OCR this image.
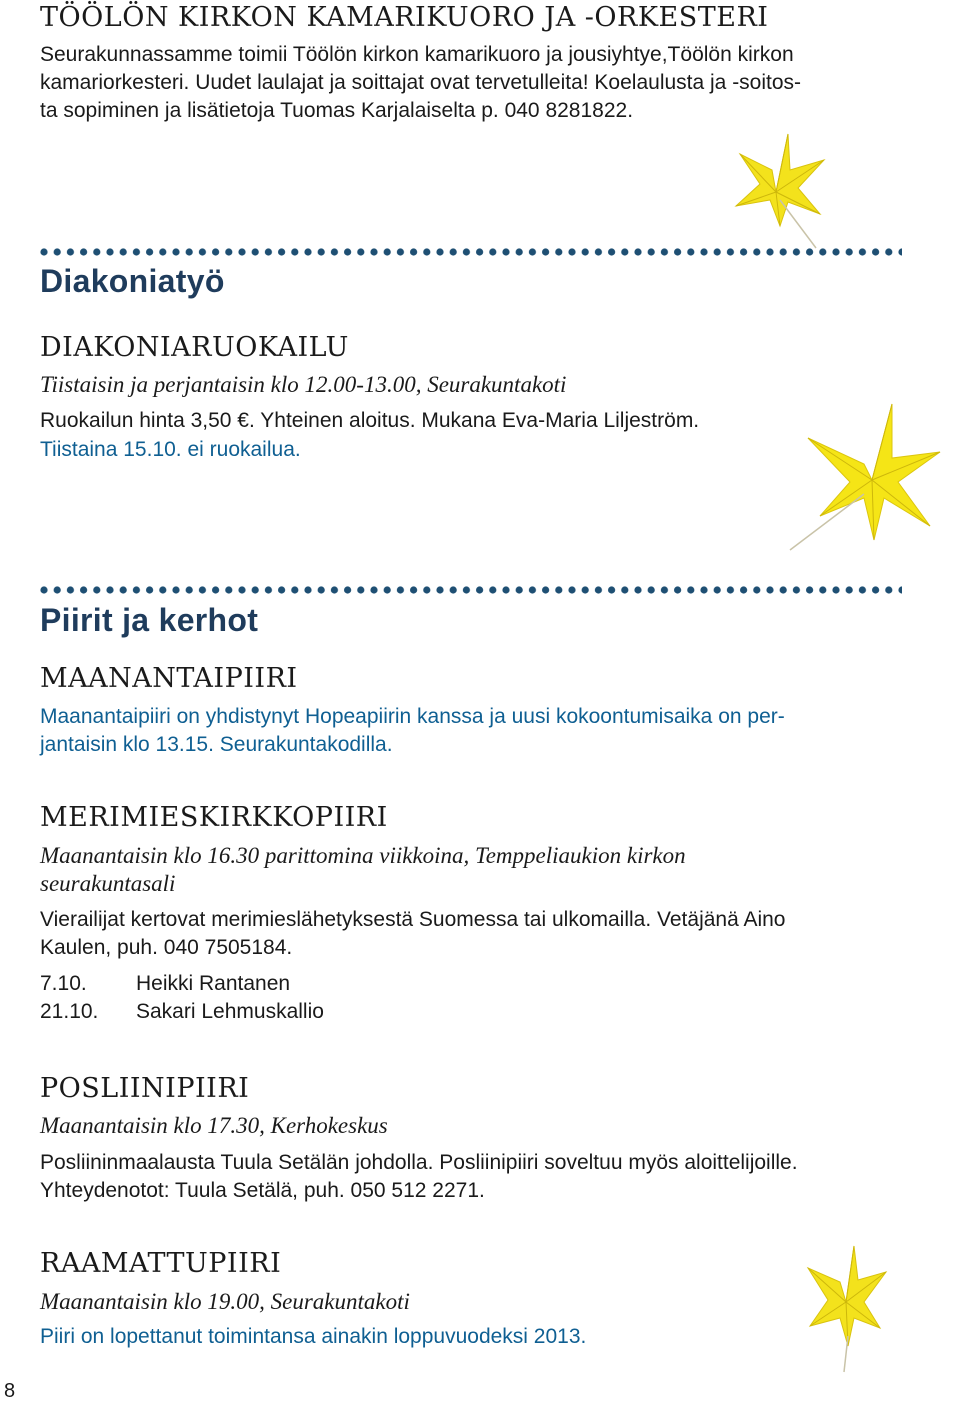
TÖÖLÖN KIRKON KAMARIKUORO JA -ORKESTERI

Seurakunnassamme toimii Töölön kirkon kamarikuoro ja jousiyhtye,Töölön kirkon

kamariorkesteri. Uudet laulajat ja soittajat ovat tervetulleita! Koelaulusta ja -soitos-

ta sopiminen ja lisätietoja Tuomas Karjalaiselta p. 040 8281822.

Diakoniatyö
DIAKONIARUOKAILU

Tiistaisin ja perjantaisin klo 12.00-13.00, Seurakuntakoti

Ruokailun hinta 3,50 €. Yhteinen aloitus. Mukana Eva-Maria Liljeström.

Tiistaina 15.10. ei ruokailua.

Piirit ja kerhot
MAANANTAIPIIRI

Maanantaipiiri on yhdistynyt Hopeapiirin kanssa ja uusi kokoontumisaika on per-

jantaisin klo 13.15. Seurakuntakodilla.

MERIMIESKIRKKOPIIRI

Maanantaisin klo 16.30 parittomina viikkoina, Temppeliaukion kirkon

seurakuntasali

Vierailijat kertovat merimieslähetyksestä Suomessa tai ulkomailla. Vetäjänä Aino

Kaulen, puh. 040 7505184.

7.10.	Heikki Rantanen
21.10.	Sakari Lehmuskallio
POSLIINIPIIRI

Maanantaisin klo 17.30, Kerhokeskus

Posliininmaalausta Tuula Setälän johdolla. Posliinipiiri soveltuu myös aloittelijoille.

Yhteydenotot: Tuula Setälä, puh. 050 512 2271.

RAAMATTUPIIRI

Maanantaisin klo 19.00, Seurakuntakoti

Piiri on lopettanut toimintansa ainakin loppuvuodeksi 2013.

8
